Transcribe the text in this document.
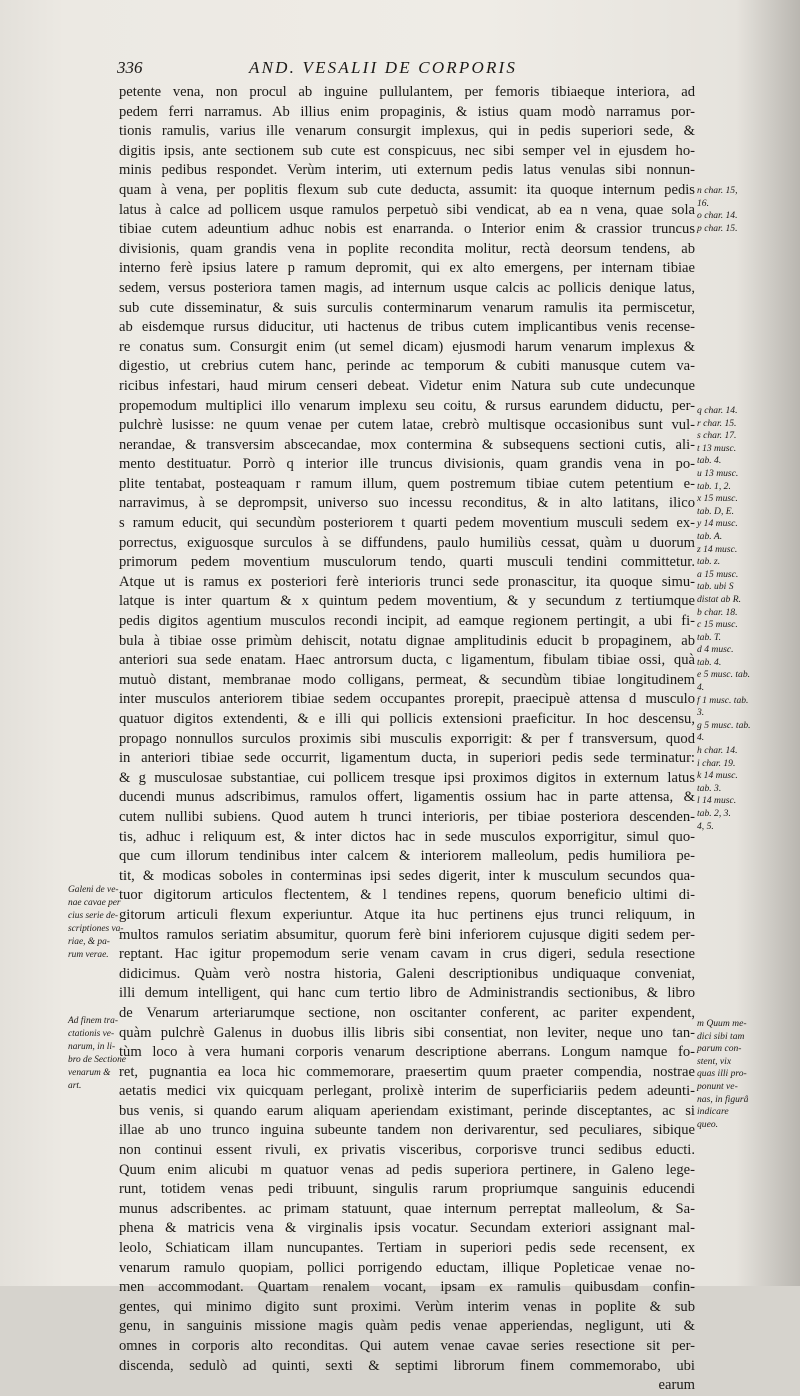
336	AND. VESALII DE CORPORIS
petente vena, non procul ab inguine pullulantem, per femoris tibiaeque interiora, ad
pedem ferri narramus. Ab illius enim propaginis, & istius quam modò narramus por-
tionis ramulis, varius ille venarum consurgit implexus, qui in pedis superiori sede, &
digitis ipsis, ante sectionem sub cute est conspicuus, nec sibi semper vel in ejusdem ho-
minis pedibus respondet. Verùm interim, uti externum pedis latus venulas sibi nonnun-
quam à vena, per poplitis flexum sub cute deducta, assumit: ita quoque internum pedis
latus à calce ad pollicem usque ramulos perpetuò sibi vendicat, ab ea n vena, quae sola
tibiae cutem adeuntium adhuc nobis est enarranda. o Interior enim & crassior truncus
divisionis, quam grandis vena in poplite recondita molitur, rectà deorsum tendens, ab
interno ferè ipsius latere p ramum depromit, qui ex alto emergens, per internam tibiae
sedem, versus posteriora tamen magis, ad internum usque calcis ac pollicis denique latus,
sub cute disseminatur, & suis surculis conterminarum venarum ramulis ita permiscetur,
ab eisdemque rursus diducitur, uti hactenus de tribus cutem implicantibus venis recense-
re conatus sum. Consurgit enim (ut semel dicam) ejusmodi harum venarum implexus &
digestio, ut crebrius cutem hanc, perinde ac temporum & cubiti manusque cutem va-
ricibus infestari, haud mirum censeri debeat. Videtur enim Natura sub cute undecunque
propemodum multiplici illo venarum implexu seu coitu, & rursus earundem diductu, per-
pulchrè lusisse: ne quum venae per cutem latae, crebrò multisque occasionibus sunt vul-
nerandae, & transversim abscecandae, mox contermina & subsequens sectioni cutis, ali-
mento destituatur. Porrò q interior ille truncus divisionis, quam grandis vena in po-
plite tentabat, posteaquam r ramum illum, quem postremum tibiae cutem petentium e-
narravimus, à se deprompsit, universo suo incessu reconditus, & in alto latitans, ilico
s ramum educit, qui secundùm posteriorem t quarti pedem moventium musculi sedem ex-
porrectus, exiguosque surculos à se diffundens, paulo humiliùs cessat, quàm u duorum
primorum pedem moventium musculorum tendo, quarti musculi tendini committetur.
Atque ut is ramus ex posteriori ferè interioris trunci sede pronascitur, ita quoque simu-
latque is inter quartum & x quintum pedem moventium, & y secundum z tertiumque
pedis digitos agentium musculos recondi incipit, ad eamque regionem pertingit, a ubi fi-
bula à tibiae osse primùm dehiscit, notatu dignae amplitudinis educit b propaginem, ab
anteriori sua sede enatam. Haec antrorsum ducta, c ligamentum, fibulam tibiae ossi, quà
mutuò distant, membranae modo colligans, permeat, & secundùm tibiae longitudinem
inter musculos anteriorem tibiae sedem occupantes prorepit, praecipuè attensa d musculo
quatuor digitos extendenti, & e illi qui pollicis extensioni praeficitur. In hoc descensu,
propago nonnullos surculos proximis sibi musculis exporrigit: & per f transversum, quod
in anteriori tibiae sede occurrit, ligamentum ducta, in superiori pedis sede terminatur:
& g musculosae substantiae, cui pollicem tresque ipsi proximos digitos in externum latus
ducendi munus adscribimus, ramulos offert, ligamentis ossium hac in parte attensa, &
cutem nullibi subiens. Quod autem h trunci interioris, per tibiae posteriora descenden-
tis, adhuc i reliquum est, & inter dictos hac in sede musculos exporrigitur, simul quo-
que cum illorum tendinibus inter calcem & interiorem malleolum, pedis humiliora pe-
tit, & modicas soboles in conterminas ipsi sedes digerit, inter k musculum secundos qua-
tuor digitorum articulos flectentem, & l tendines repens, quorum beneficio ultimi di-
gitorum articuli flexum experiuntur. Atque ita huc pertinens ejus trunci reliquum, in
multos ramulos seriatim absumitur, quorum ferè bini inferiorem cujusque digiti sedem per-
reptant. Hac igitur propemodum serie venam cavam in crus digeri, sedula resectione
didicimus. Quàm verò nostra historia, Galeni descriptionibus undiquaque conveniat,
illi demum intelligent, qui hanc cum tertio libro de Administrandis sectionibus, & libro
de Venarum arteriarumque sectione, non oscitanter conferent, ac pariter expendent,
quàm pulchrè Galenus in duobus illis libris sibi consentiat, non leviter, neque uno tan-
tùm loco à vera humani corporis venarum descriptione aberrans. Longum namque fo-
ret, pugnantia ea loca hic commemorare, praesertim quum praeter compendia, nostrae
aetatis medici vix quicquam perlegant, prolixè interim de superficiariis pedem adeunti-
bus venis, si quando earum aliquam aperiendam existimant, perinde disceptantes, ac si
illae ab uno trunco inguina subeunte tandem non derivarentur, sed peculiares, sibique
non continui essent rivuli, ex privatis visceribus, corporisve trunci sedibus educti.
Quum enim alicubi m quatuor venas ad pedis superiora pertinere, in Galeno lege-
runt, totidem venas pedi tribuunt, singulis rarum propriumque sanguinis educendi
munus adscribentes. ac primam statuunt, quae internum perreptat malleolum, & Sa-
phena & matricis vena & virginalis ipsis vocatur. Secundam exteriori assignant mal-
leolo, Schiaticam illam nuncupantes. Tertiam in superiori pedis sede recensent, ex
venarum ramulo quopiam, pollici porrigendo eductam, illique Popleticae venae no-
men accommodant. Quartam renalem vocant, ipsam ex ramulis quibusdam confin-
gentes, qui minimo digito sunt proximi. Verùm interim venas in poplite & sub
genu, in sanguinis missione magis quàm pedis venae apperiendas, negligunt, uti &
omnes in corporis alto reconditas. Qui autem venae cavae series resectione sit per-
discenda, sedulò ad quinti, sexti & septimi librorum finem commemorabo, ubi
earum
n char. 15,
16.
o char. 14.
p char. 15.
q char. 14.
r char. 15.
s char. 17.
t 13 musc.
tab. 4.
u 13 musc.
tab. 1, 2.
x 15 musc.
tab. D, E.
y 14 musc.
tab. A.
z 14 musc.
tab. z.
a 15 musc.
tab. ubi S
distat ab R.
b char. 18.
c 15 musc.
tab. T.
d 4 musc.
tab. 4.
e 5 musc. tab.
4.
f 1 musc. tab.
3.
g 5 musc. tab.
4.
h char. 14.
i char. 19.
k 14 musc.
tab. 3.
l 14 musc.
tab. 2, 3.
4, 5.
m Quum me-
dici sibi tam
parum con-
stent, vix
quas illi pro-
ponunt ve-
nas, in figurâ
indicare
queo.
Galeni de ve-
nae cavae per
cius serie de-
scriptiones va-
riae, & pa-
rum verae.
Ad finem tra-
ctationis ve-
narum, in li-
bro de Sectione
venarum &
art.
